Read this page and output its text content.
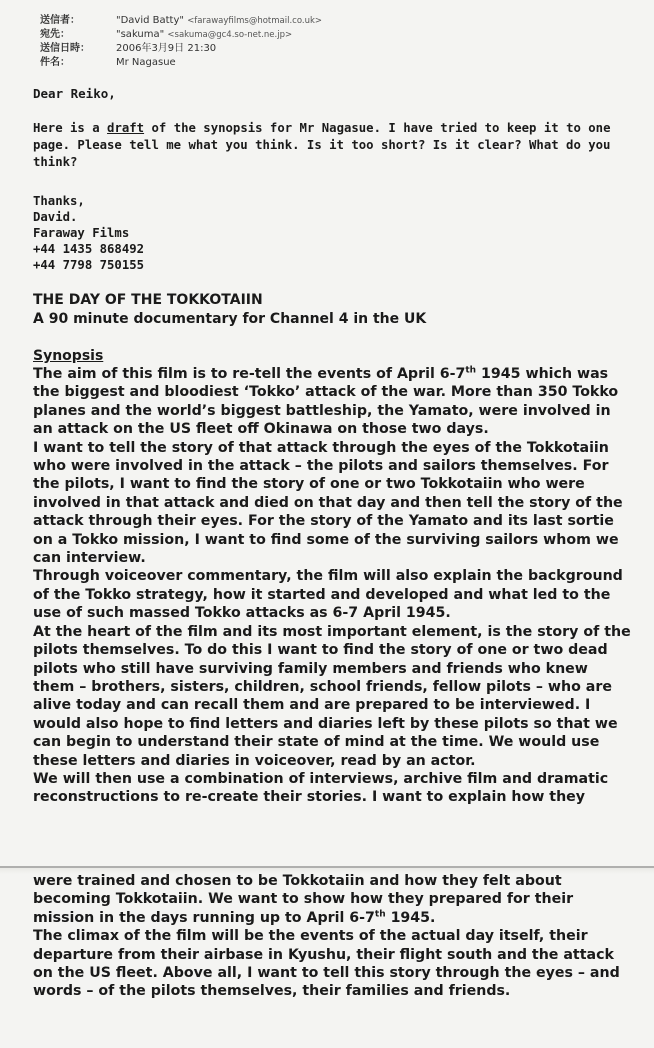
送信者：	"David Batty" <farawayfilms@hotmail.co.uk>
宛先：	"sakuma" <sakuma@gc4.so-net.ne.jp>
送信日時：	2006年3月9日 21:30
件名：	Mr Nagasue

Dear Reiko,

Here is a draft of the synopsis for Mr Nagasue. I have tried to keep it to one page. Please tell me what you think. Is it too short? Is it clear? What do you think?

Thanks,
David.
Faraway Films
+44 1435 868492
+44 7798 750155
THE DAY OF THE TOKKOTAIIN
A 90 minute documentary for Channel 4 in the UK
Synopsis

The aim of this film is to re-tell the events of April 6-7th 1945 which was the biggest and bloodiest ‘Tokko’ attack of the war. More than 350 Tokko planes and the world’s biggest battleship, the Yamato, were involved in an attack on the US fleet off Okinawa on those two days.

I want to tell the story of that attack through the eyes of the Tokkotaiin who were involved in the attack – the pilots and sailors themselves. For the pilots, I want to find the story of one or two Tokkotaiin who were involved in that attack and died on that day and then tell the story of the attack through their eyes. For the story of the Yamato and its last sortie on a Tokko mission, I want to find some of the surviving sailors whom we can interview.

Through voiceover commentary, the film will also explain the background of the Tokko strategy, how it started and developed and what led to the use of such massed Tokko attacks as 6-7 April 1945.

At the heart of the film and its most important element, is the story of the pilots themselves. To do this I want to find the story of one or two dead pilots who still have surviving family members and friends who knew them – brothers, sisters, children, school friends, fellow pilots – who are alive today and can recall them and are prepared to be interviewed. I would also hope to find letters and diaries left by these pilots so that we can begin to understand their state of mind at the time. We would use these letters and diaries in voiceover, read by an actor.

We will then use a combination of interviews, archive film and dramatic reconstructions to re-create their stories. I want to explain how they

were trained and chosen to be Tokkotaiin and how they felt about becoming Tokkotaiin. We want to show how they prepared for their mission in the days running up to April 6-7th 1945.

The climax of the film will be the events of the actual day itself, their departure from their airbase in Kyushu, their flight south and the attack on the US fleet. Above all, I want to tell this story through the eyes – and words – of the pilots themselves, their families and friends.
